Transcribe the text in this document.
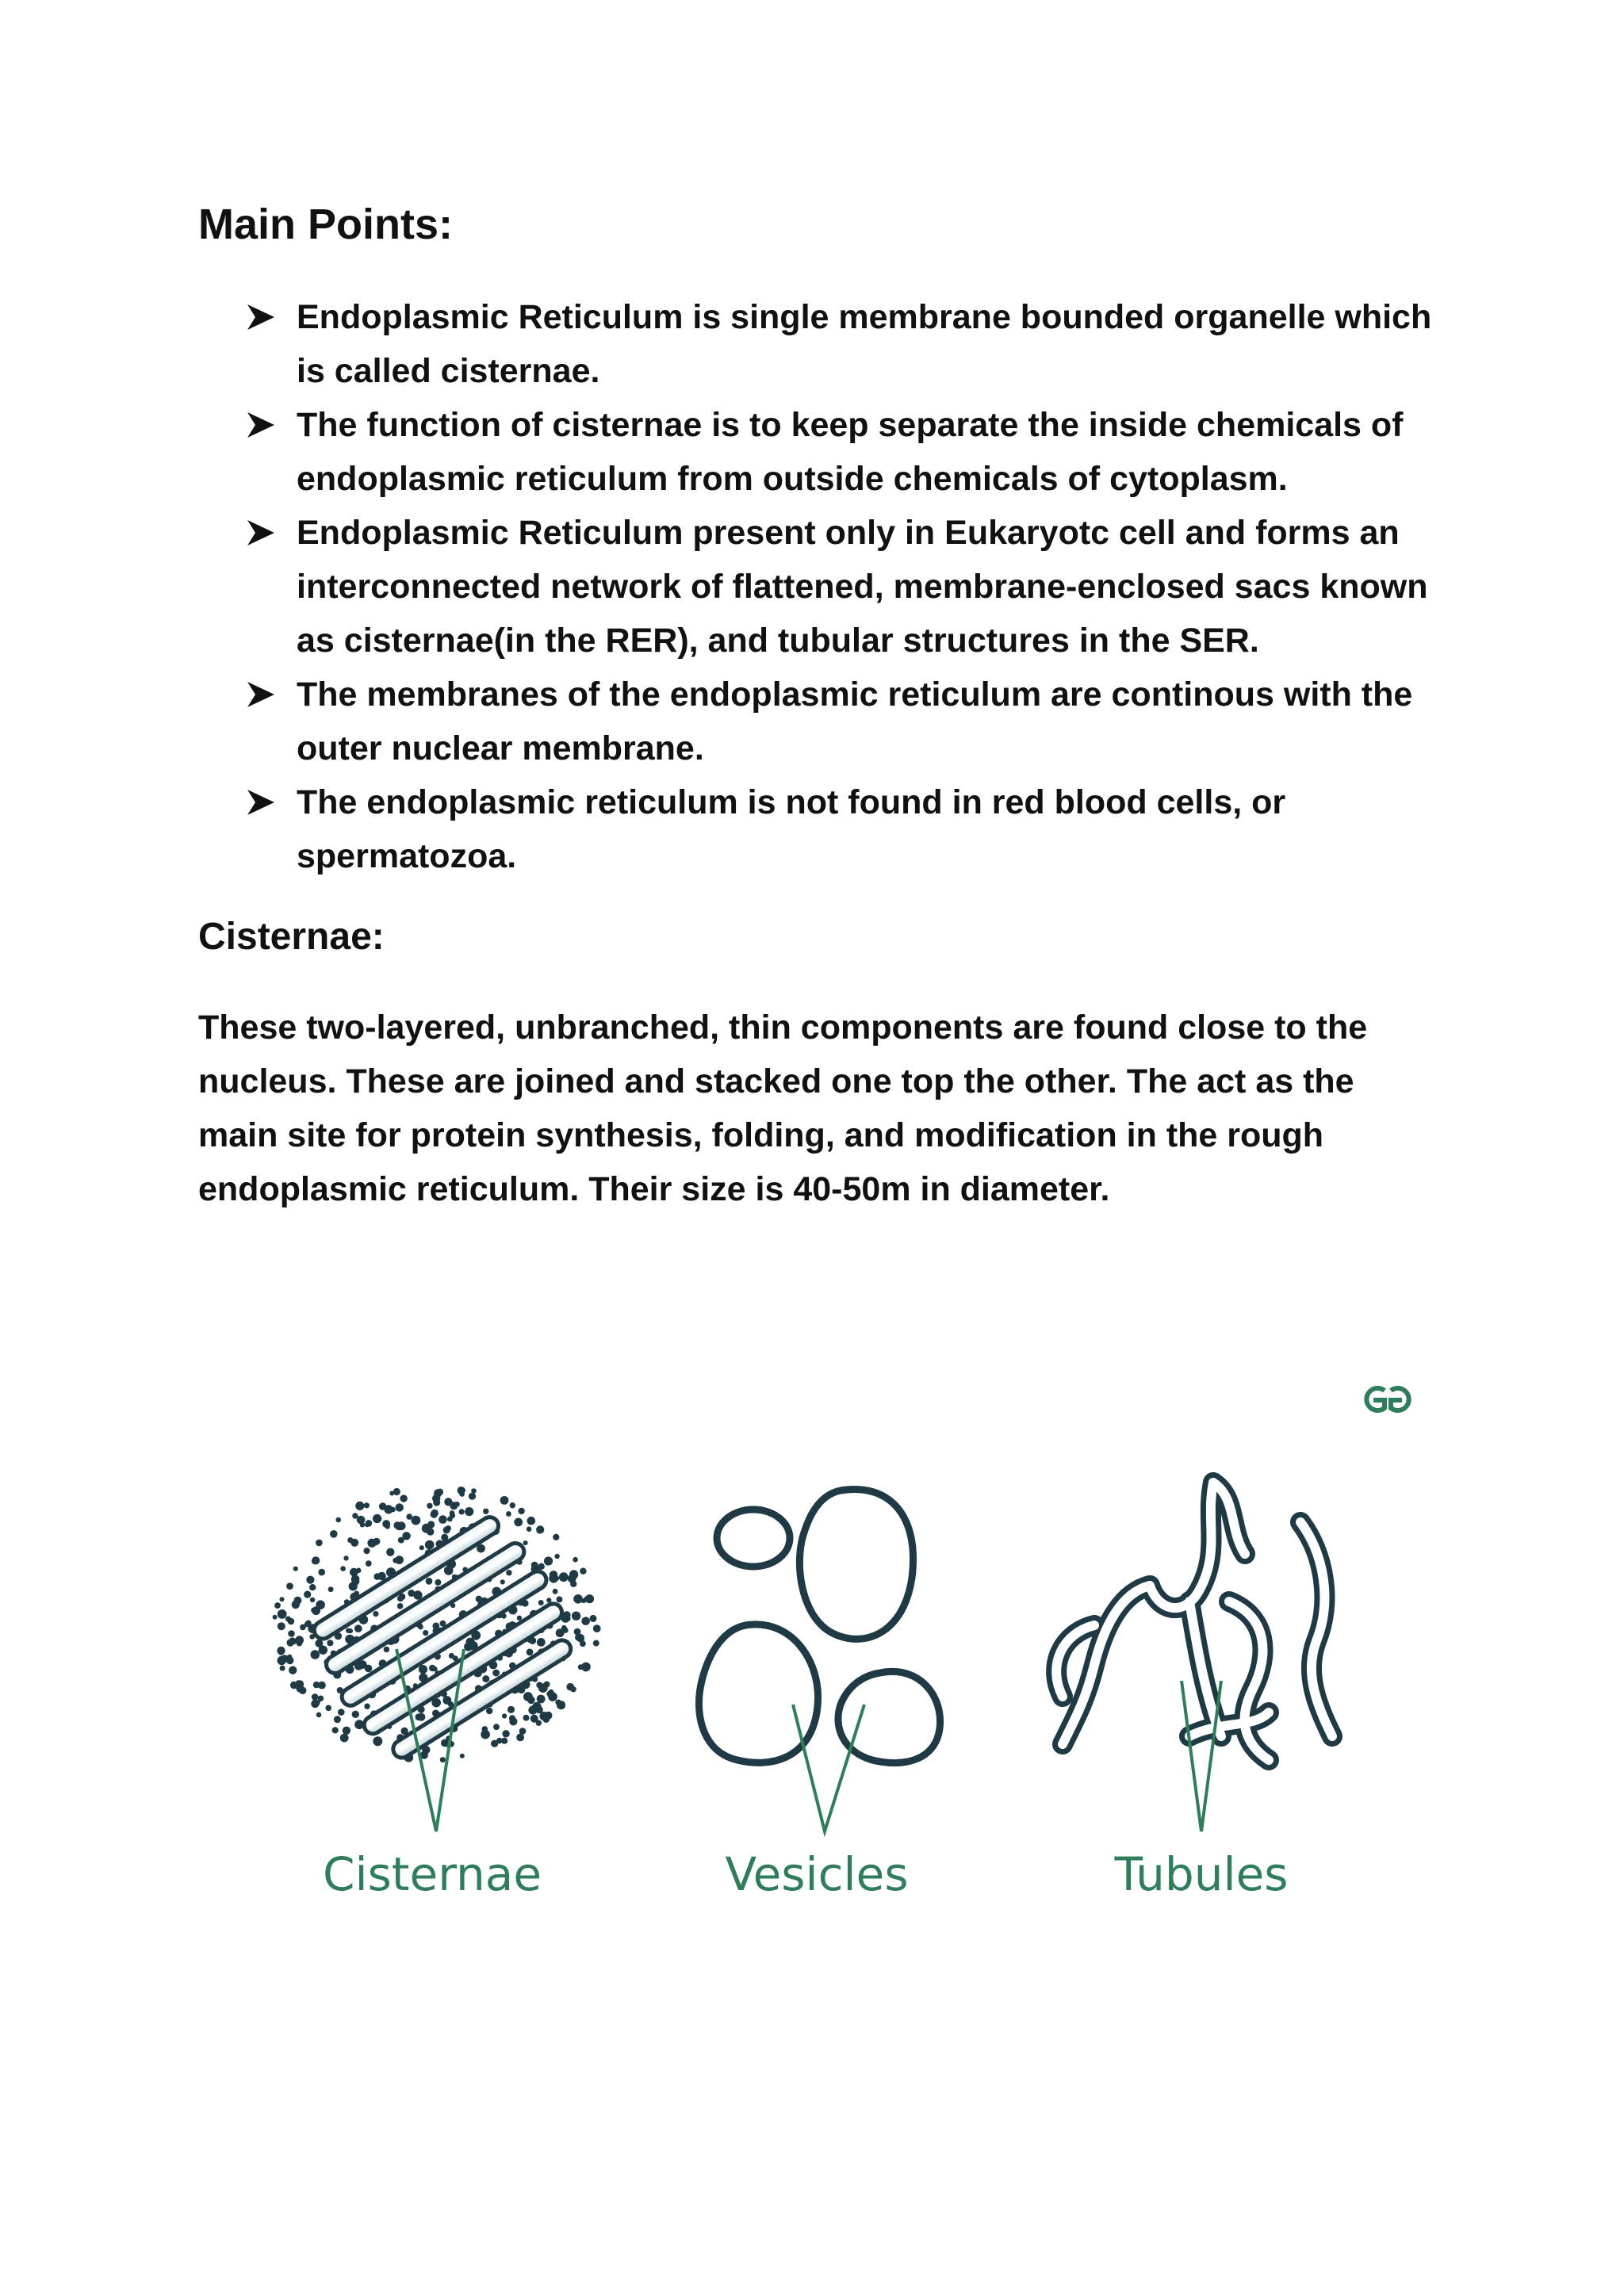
Main Points:
Endoplasmic Reticulum is single membrane bounded organelle which is called cisternae.
The function of cisternae is to keep separate the inside chemicals of endoplasmic reticulum from outside chemicals of cytoplasm.
Endoplasmic Reticulum present only in Eukaryotc cell and forms an interconnected network of flattened, membrane-enclosed sacs known as cisternae(in the RER), and tubular structures in the SER.
The membranes of the endoplasmic reticulum are continous with the outer nuclear membrane.
The endoplasmic reticulum is not found in red blood cells, or spermatozoa.
Cisternae:

These two-layered, unbranched, thin components are found close to the nucleus. These are joined and stacked one top the other. The act as the main site for protein synthesis, folding, and modification in the rough endoplasmic reticulum. Their size is 40-50m in diameter.

Cisternae	Vesicles	Tubules
